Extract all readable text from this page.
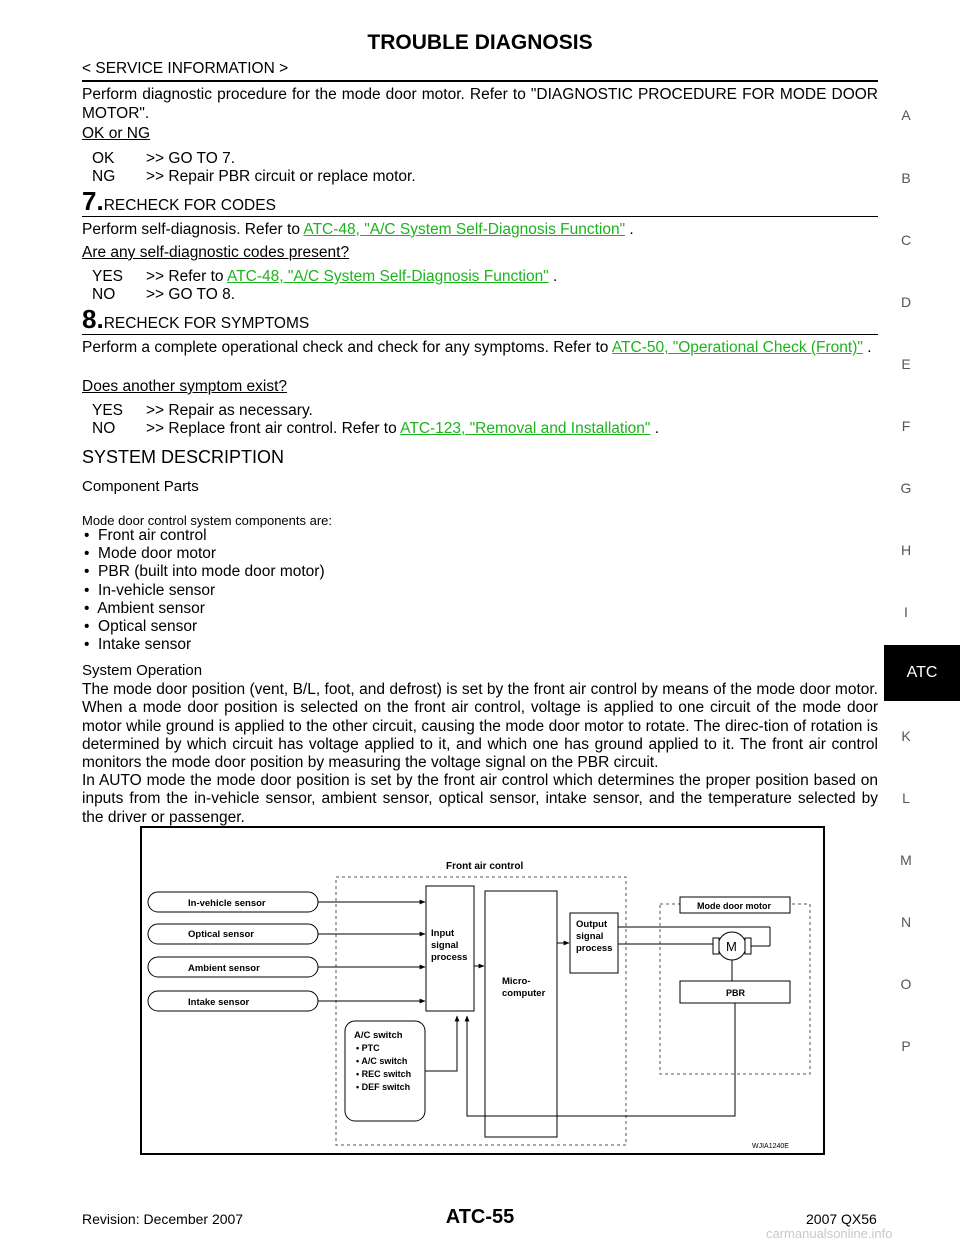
TROUBLE DIAGNOSIS
< SERVICE INFORMATION >
Perform diagnostic procedure for the mode door motor. Refer to "DIAGNOSTIC PROCEDURE FOR MODE DOOR MOTOR".
OK or NG
OK >> GO TO 7.
NG >> Repair PBR circuit or replace motor.
7.RECHECK FOR CODES
Perform self-diagnosis. Refer to ATC-48, "A/C System Self-Diagnosis Function" .
Are any self-diagnostic codes present?
YES >> Refer to ATC-48, "A/C System Self-Diagnosis Function" .
NO >> GO TO 8.
8.RECHECK FOR SYMPTOMS
Perform a complete operational check and check for any symptoms. Refer to ATC-50, "Operational Check (Front)" .
Does another symptom exist?
YES >> Repair as necessary.
NO >> Replace front air control. Refer to ATC-123, "Removal and Installation" .
SYSTEM DESCRIPTION
Component Parts
Mode door control system components are:
•  Front air control
•  Mode door motor
•  PBR (built into mode door motor)
•  In-vehicle sensor
•  Ambient sensor
•  Optical sensor
•  Intake sensor
System Operation
The mode door position (vent, B/L, foot, and defrost) is set by the front air control by means of the mode door motor. When a mode door position is selected on the front air control, voltage is applied to one circuit of the mode door motor while ground is applied to the other circuit, causing the mode door motor to rotate. The direc-tion of rotation is determined by which circuit has voltage applied to it, and which one has ground applied to it. The front air control monitors the mode door position by measuring the voltage signal on the PBR circuit.
In AUTO mode the mode door position is set by the front air control which determines the proper position based on inputs from the in-vehicle sensor, ambient sensor, optical sensor, intake sensor, and the temperature selected by the driver or passenger.
Front air control
In-vehicle sensor
Optical sensor
Ambient sensor
Intake sensor
Input signal process
Micro- computer
Output signal process
Mode door motor
M
PBR
A/C switch
• PTC
• A/C switch
• REC switch
• DEF switch
WJIA1240E
A
B
C
D
E
F
G
H
I
ATC
K
L
M
N
O
P
Revision: December 2007	ATC-55	2007 QX56
carmanualsonline.info
